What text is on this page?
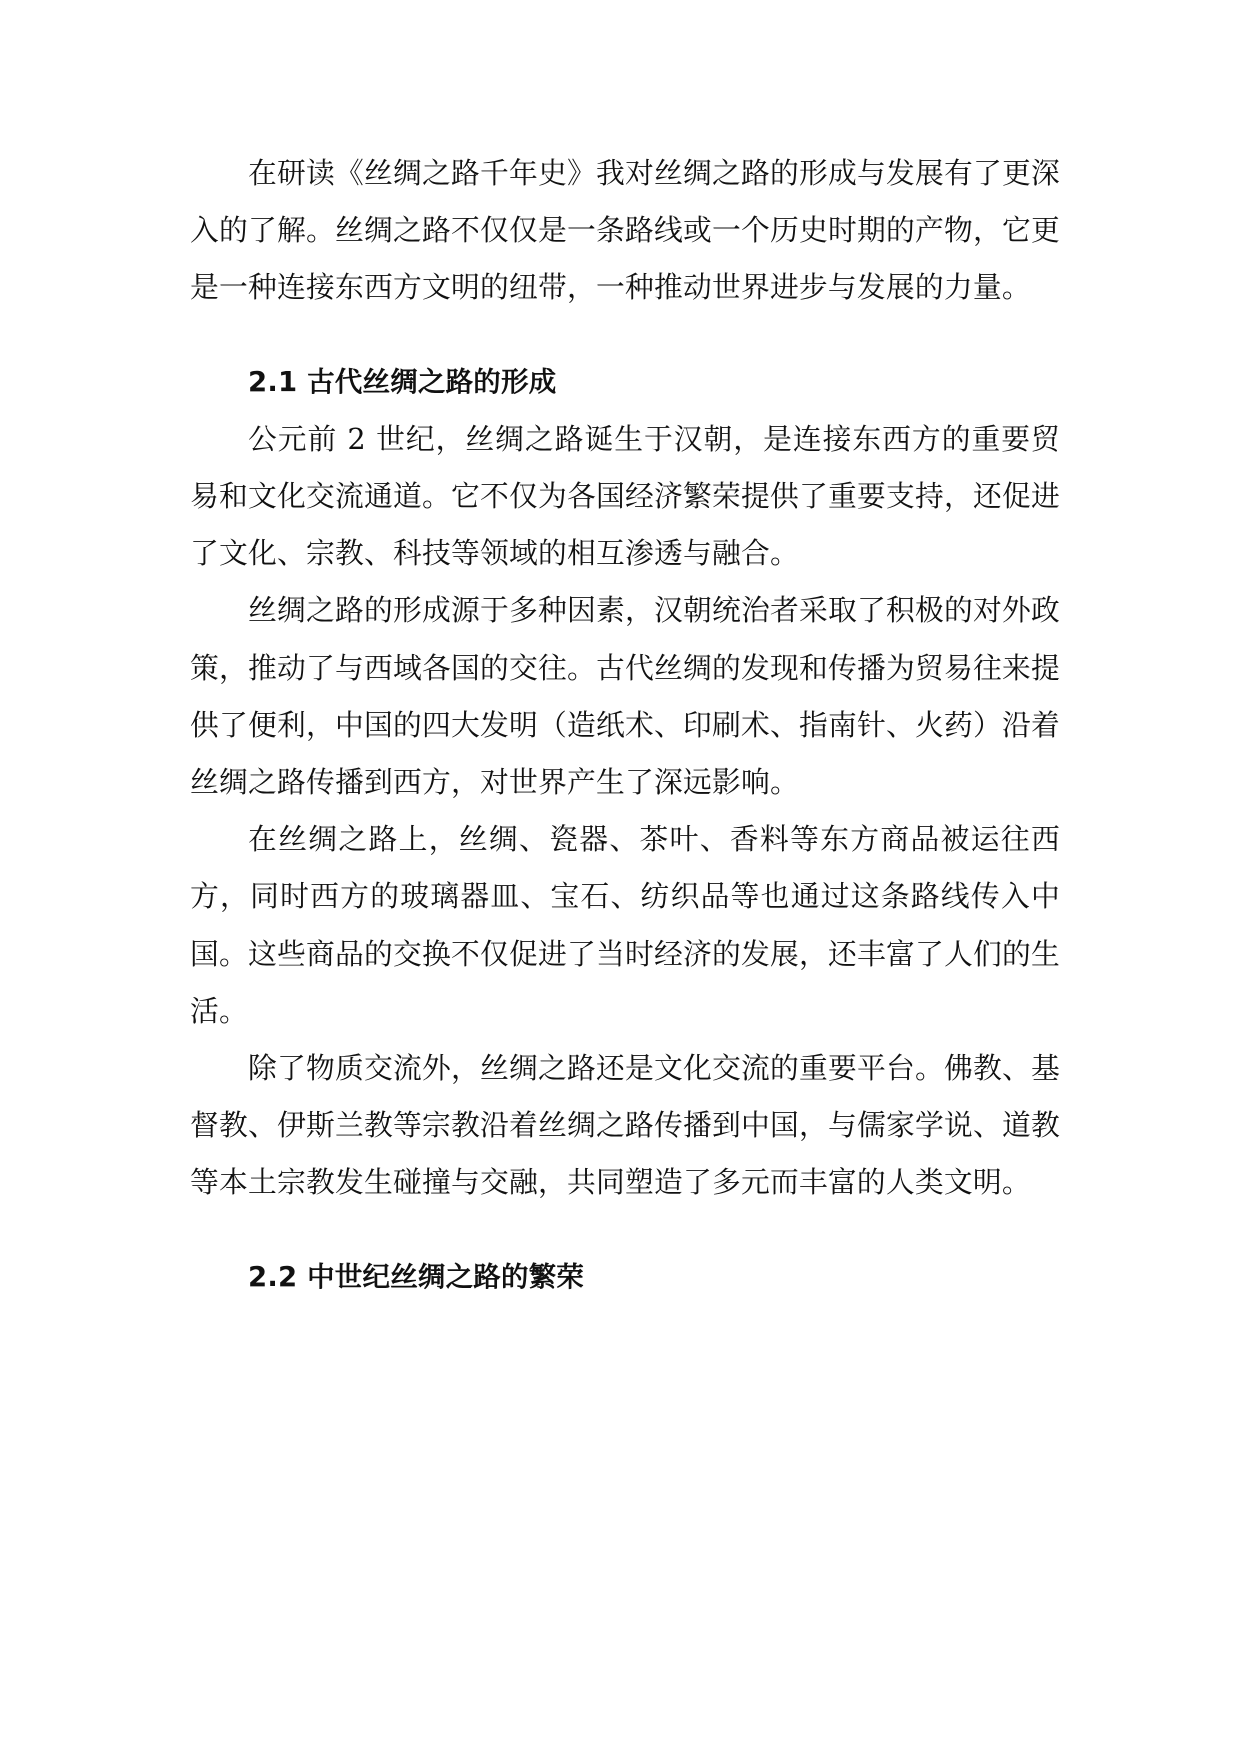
在研读《丝绸之路千年史》我对丝绸之路的形成与发展有了更深入的了解。丝绸之路不仅仅是一条路线或一个历史时期的产物，它更是一种连接东西方文明的纽带，一种推动世界进步与发展的力量。

2.1 古代丝绸之路的形成

公元前 2 世纪，丝绸之路诞生于汉朝，是连接东西方的重要贸易和文化交流通道。它不仅为各国经济繁荣提供了重要支持，还促进了文化、宗教、科技等领域的相互渗透与融合。

丝绸之路的形成源于多种因素，汉朝统治者采取了积极的对外政策，推动了与西域各国的交往。古代丝绸的发现和传播为贸易往来提供了便利，中国的四大发明（造纸术、印刷术、指南针、火药）沿着丝绸之路传播到西方，对世界产生了深远影响。

在丝绸之路上，丝绸、瓷器、茶叶、香料等东方商品被运往西方，同时西方的玻璃器皿、宝石、纺织品等也通过这条路线传入中国。这些商品的交换不仅促进了当时经济的发展，还丰富了人们的生活。

除了物质交流外，丝绸之路还是文化交流的重要平台。佛教、基督教、伊斯兰教等宗教沿着丝绸之路传播到中国，与儒家学说、道教等本土宗教发生碰撞与交融，共同塑造了多元而丰富的人类文明。

2.2 中世纪丝绸之路的繁荣
